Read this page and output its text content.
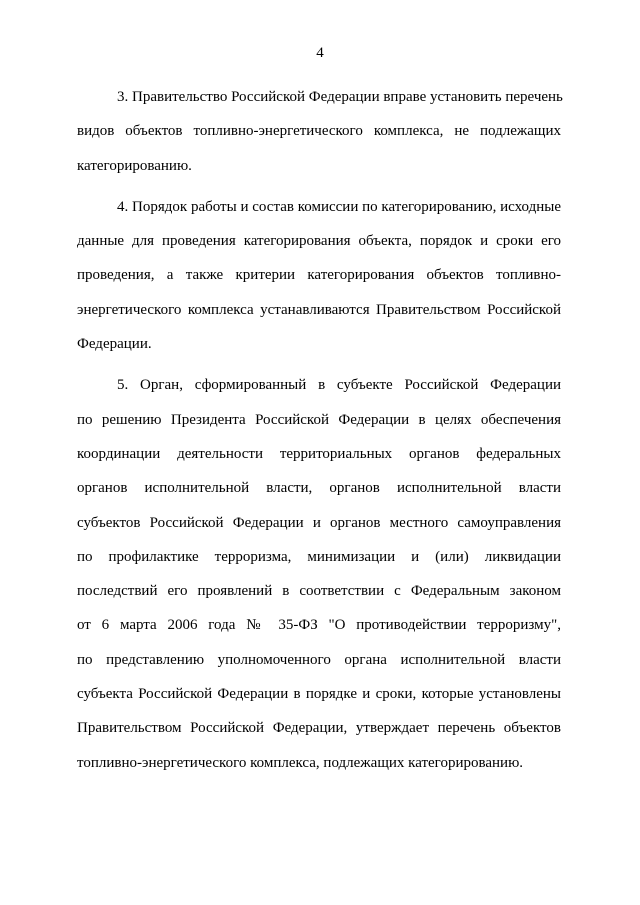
4
3. Правительство Российской Федерации вправе установить перечень
видов объектов топливно-энергетического комплекса, не подлежащих
категорированию.
4. Порядок работы и состав комиссии по категорированию, исходные
данные для проведения категорирования объекта, порядок и сроки его
проведения, а также критерии категорирования объектов топливно-
энергетического комплекса устанавливаются Правительством Российской
Федерации.
5. Орган, сформированный в субъекте Российской Федерации
по решению Президента Российской Федерации в целях обеспечения
координации деятельности территориальных органов федеральных
органов исполнительной власти, органов исполнительной власти
субъектов Российской Федерации и органов местного самоуправления
по профилактике терроризма, минимизации и (или) ликвидации
последствий его проявлений в соответствии с Федеральным законом
от 6 марта 2006 года № 35-ФЗ "О противодействии терроризму",
по представлению уполномоченного органа исполнительной власти
субъекта Российской Федерации в порядке и сроки, которые установлены
Правительством Российской Федерации, утверждает перечень объектов
топливно-энергетического комплекса, подлежащих категорированию.
